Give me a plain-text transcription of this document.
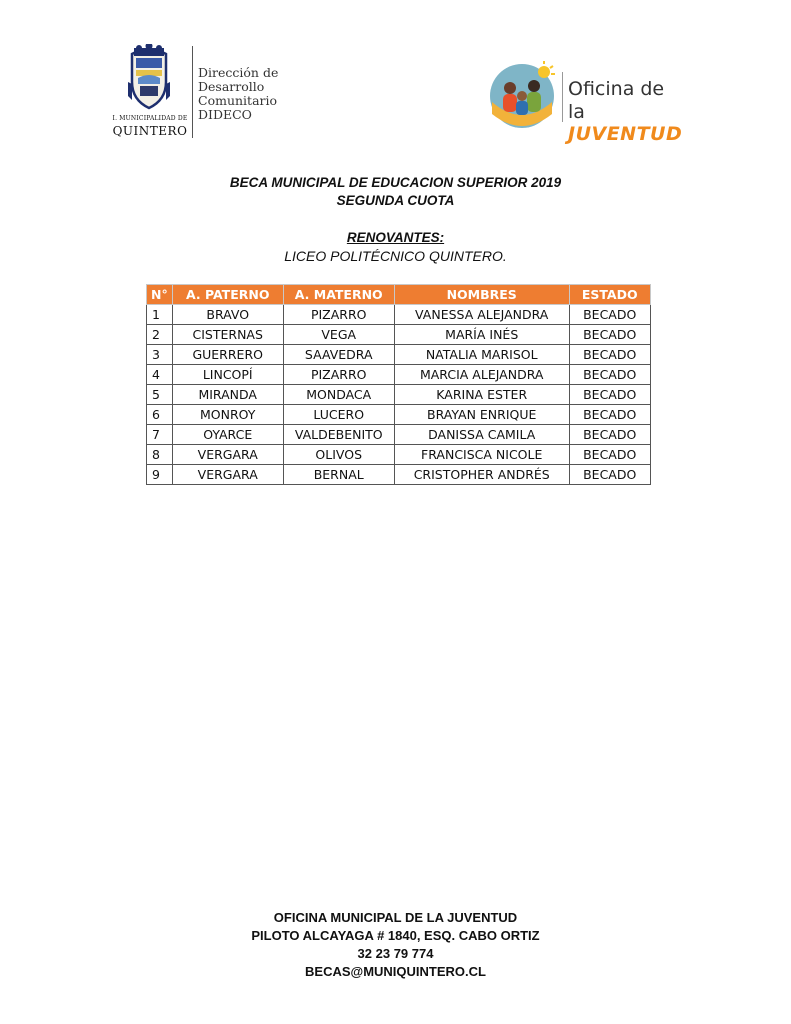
I. MUNICIPALIDAD DE
QUINTERO
Dirección de
Desarrollo
Comunitario
DIDECO
Oficina de
la JUVENTUD
BECA MUNICIPAL DE EDUCACION SUPERIOR 2019
SEGUNDA CUOTA
RENOVANTES:
LICEO POLITÉCNICO QUINTERO.
N°	A. PATERNO	A. MATERNO	NOMBRES	ESTADO
1	BRAVO	PIZARRO	VANESSA ALEJANDRA	BECADO
2	CISTERNAS	VEGA	MARÍA INÉS	BECADO
3	GUERRERO	SAAVEDRA	NATALIA MARISOL	BECADO
4	LINCOPÍ	PIZARRO	MARCIA ALEJANDRA	BECADO
5	MIRANDA	MONDACA	KARINA ESTER	BECADO
6	MONROY	LUCERO	BRAYAN ENRIQUE	BECADO
7	OYARCE	VALDEBENITO	DANISSA CAMILA	BECADO
8	VERGARA	OLIVOS	FRANCISCA NICOLE	BECADO
9	VERGARA	BERNAL	CRISTOPHER ANDRÉS	BECADO
OFICINA MUNICIPAL DE LA JUVENTUD
PILOTO ALCAYAGA # 1840, ESQ. CABO ORTIZ
32 23 79 774
BECAS@MUNIQUINTERO.CL
